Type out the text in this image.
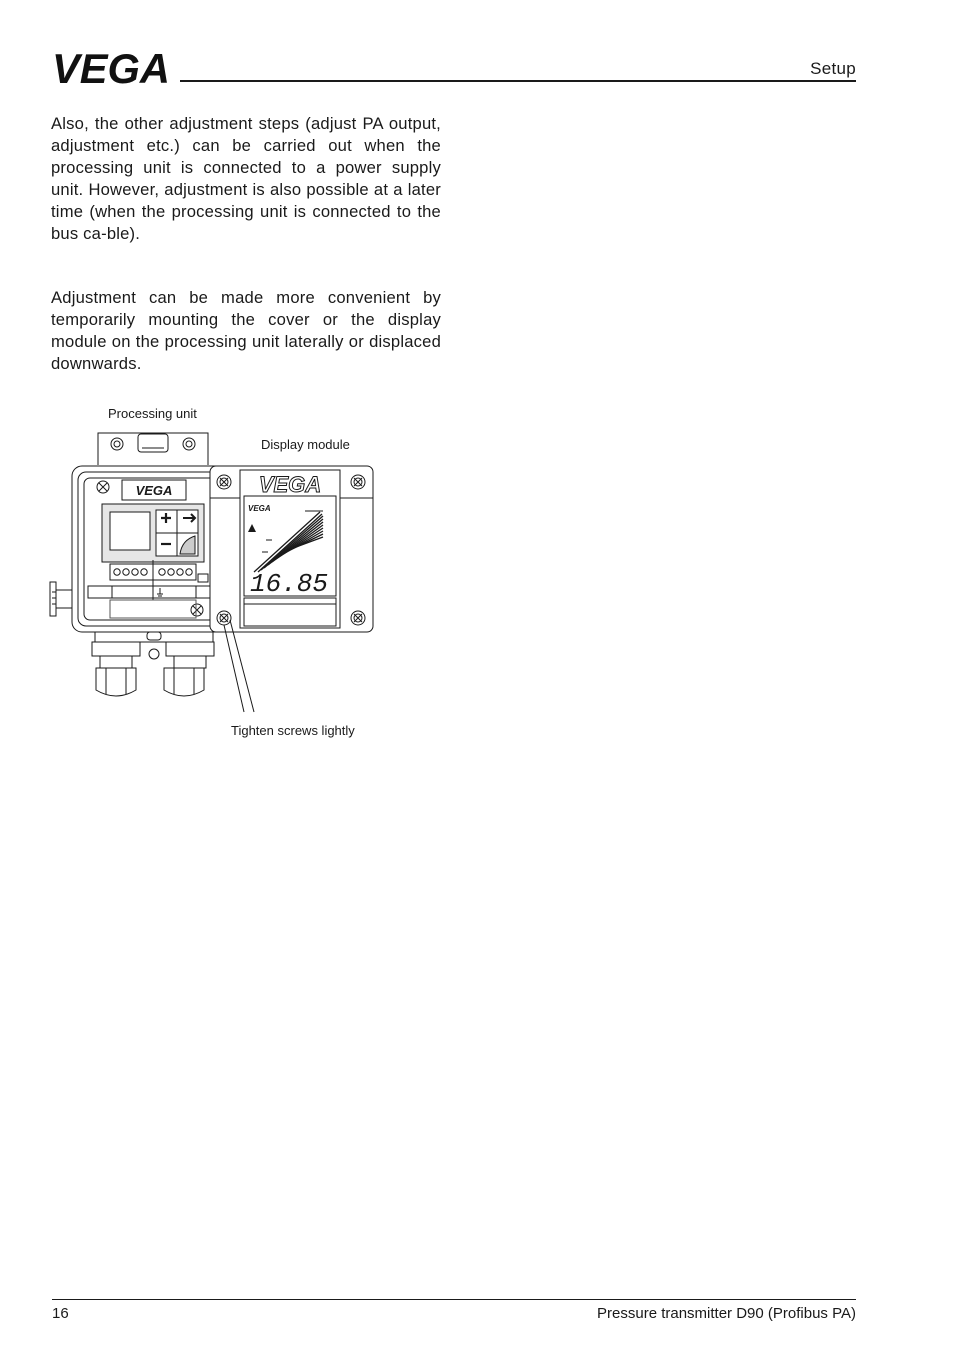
VEGA	Setup

Also, the other adjustment steps (adjust PA output, adjustment etc.) can be carried out when the processing unit is connected to a power supply unit. However, adjustment is also possible at a later time (when the processing unit is connected to the bus ca-ble).

Adjustment can be made more convenient by temporarily mounting the cover or the display module on the processing unit laterally or displaced downwards.

Processing unit
Display module
Tighten screws lightly
VEGA	VEGA
VEGA
16.85
16	Pressure transmitter D90 (Profibus PA)
